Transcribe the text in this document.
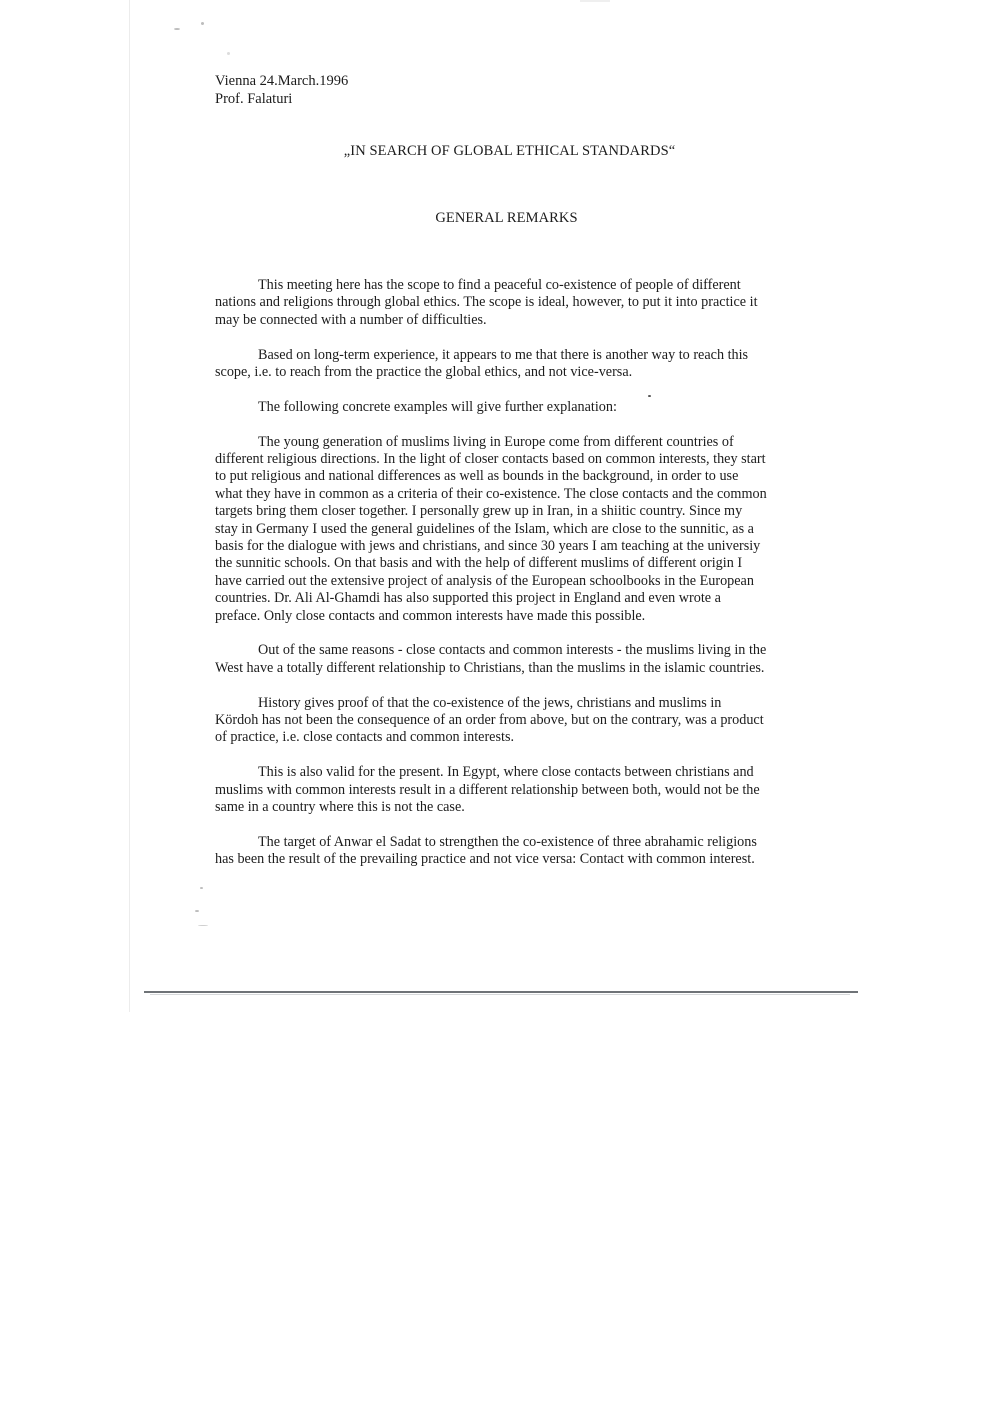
Vienna 24.March.1996
Prof. Falaturi
„IN SEARCH OF GLOBAL ETHICAL STANDARDS“
GENERAL REMARKS

This meeting here has the scope to find a peaceful co-existence of people of different nations and religions through global ethics. The scope is ideal, however, to put it into practice it may be connected with a number of difficulties.

Based on long-term experience, it appears to me that there is another way to reach this scope, i.e. to reach from the practice the global ethics, and not vice-versa.

The following concrete examples will give further explanation:

The young generation of muslims living in Europe come from different countries of different religious directions. In the light of closer contacts based on common interests, they start to put religious and national differences as well as bounds in the background, in order to use what they have in common as a criteria of their co-existence. The close contacts and the common targets bring them closer together. I personally grew up in Iran, in a shiitic country. Since my stay in Germany I used the general guidelines of the Islam, which are close to the sunnitic, as a basis for the dialogue with jews and christians, and since 30 years I am teaching at the universiy the sunnitic schools. On that basis and with the help of different muslims of different origin I have carried out the extensive project of analysis of the European schoolbooks in the European countries. Dr. Ali Al-Ghamdi has also supported this project in England and even wrote a preface. Only close contacts and common interests have made this possible.

Out of the same reasons - close contacts and common interests - the muslims living in the West have a totally different relationship to Christians, than the muslims in the islamic countries.

History gives proof of that the co-existence of the jews, christians and muslims in Kördoh has not been the consequence of an order from above, but on the contrary, was a product of practice, i.e. close contacts and common interests.

This is also valid for the present. In Egypt, where close contacts between christians and muslims with common interests result in a different relationship between both, would not be the same in a country where this is not the case.

The target of Anwar el Sadat to strengthen the co-existence of three abrahamic religions has been the result of the prevailing practice and not vice versa: Contact with common interest.
